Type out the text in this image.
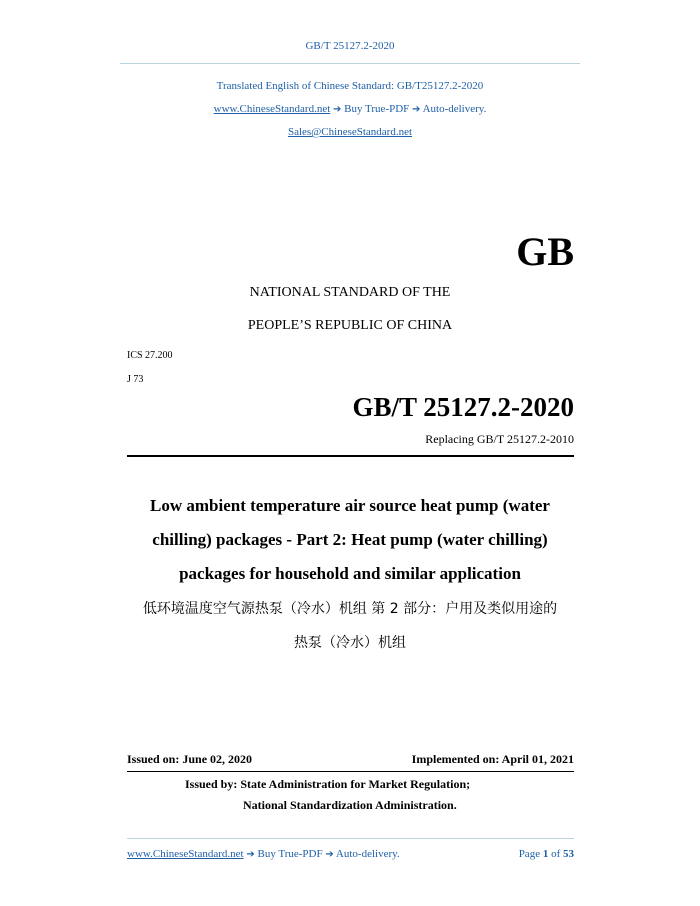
GB/T 25127.2-2020
Translated English of Chinese Standard: GB/T25127.2-2020
www.ChineseStandard.net ➔ Buy True-PDF ➔ Auto-delivery.
Sales@ChineseStandard.net
GB
NATIONAL STANDARD OF THE
PEOPLE’S REPUBLIC OF CHINA
ICS 27.200
J 73
GB/T 25127.2-2020
Replacing GB/T 25127.2-2010
Low ambient temperature air source heat pump (water
chilling) packages - Part 2: Heat pump (water chilling)
packages for household and similar application
低环境温度空气源热泵（冷水）机组 第 2 部分：户用及类似用途的
热泵（冷水）机组
Issued on: June 02, 2020	Implemented on: April 01, 2021
Issued by: State Administration for Market Regulation;
National Standardization Administration.
www.ChineseStandard.net ➔ Buy True-PDF ➔ Auto-delivery.	Page 1 of 53
